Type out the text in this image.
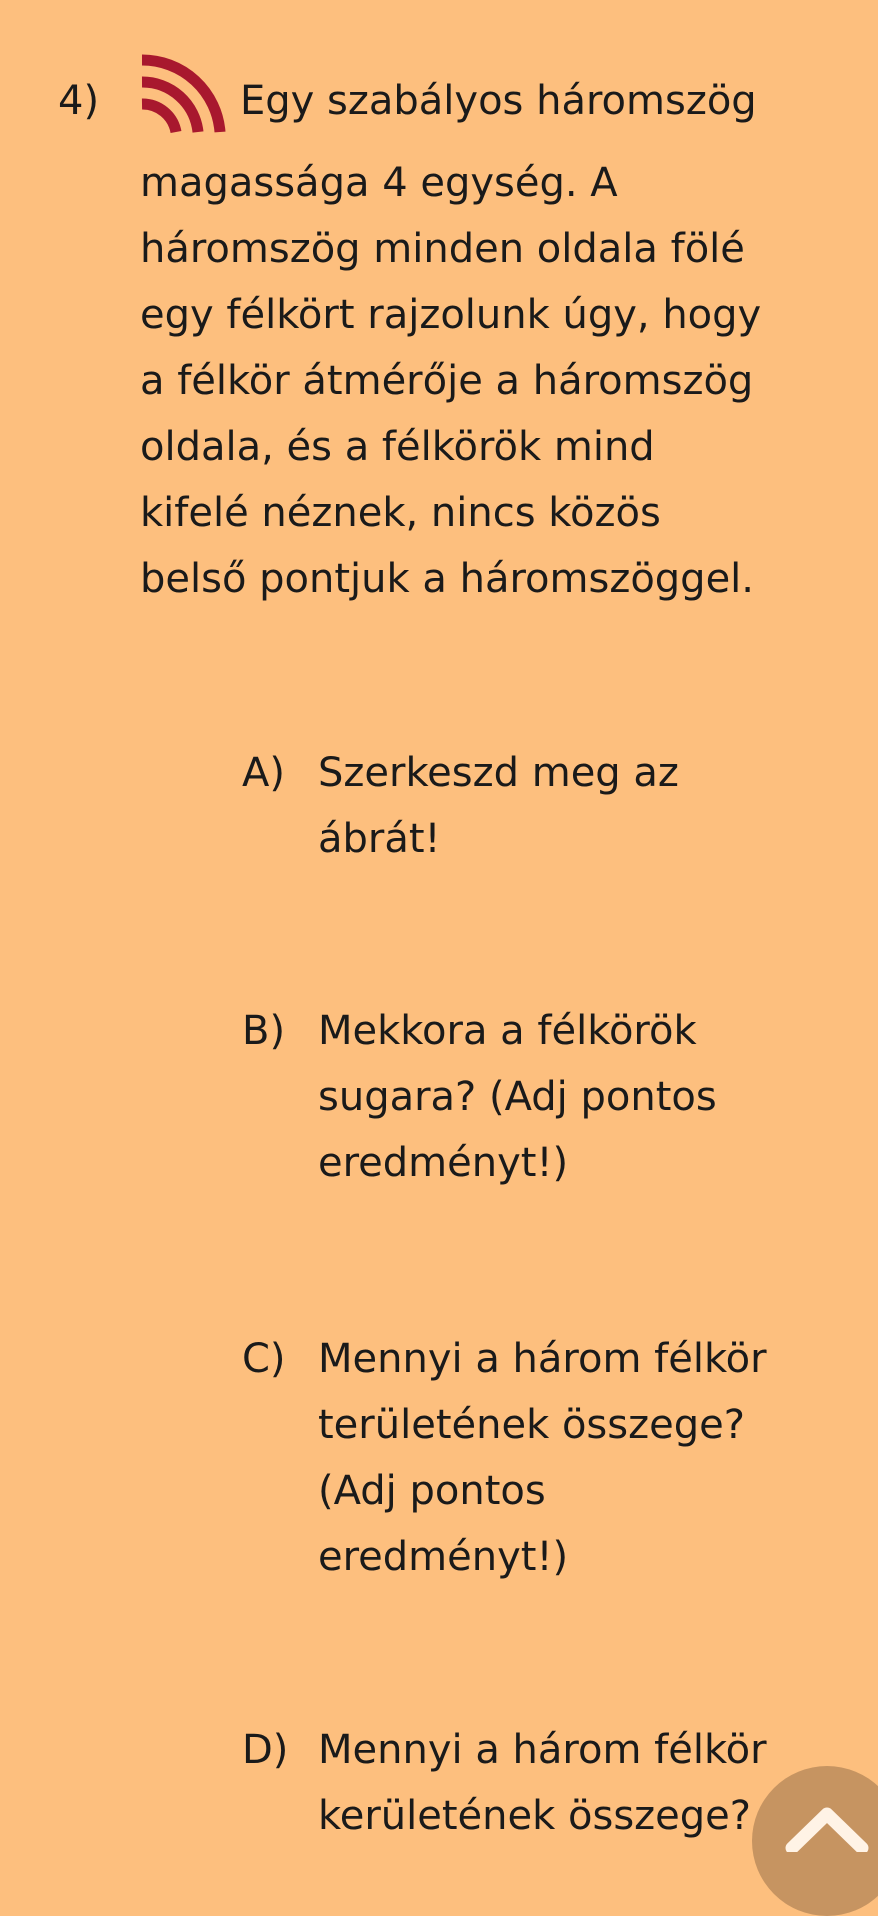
4)	Egy szabályos háromszög
magassága 4 egység. A
háromszög minden oldala fölé
egy félkört rajzolunk úgy, hogy
a félkör átmérője a háromszög
oldala, és a félkörök mind
kifelé néznek, nincs közös
belső pontjuk a háromszöggel.
A) Szerkeszd meg az
ábrát!
B) Mekkora a félkörök
sugara? (Adj pontos
eredményt!)
C) Mennyi a három félkör
területének összege?
(Adj pontos
eredményt!)
D) Mennyi a három félkör
kerületének összege?
